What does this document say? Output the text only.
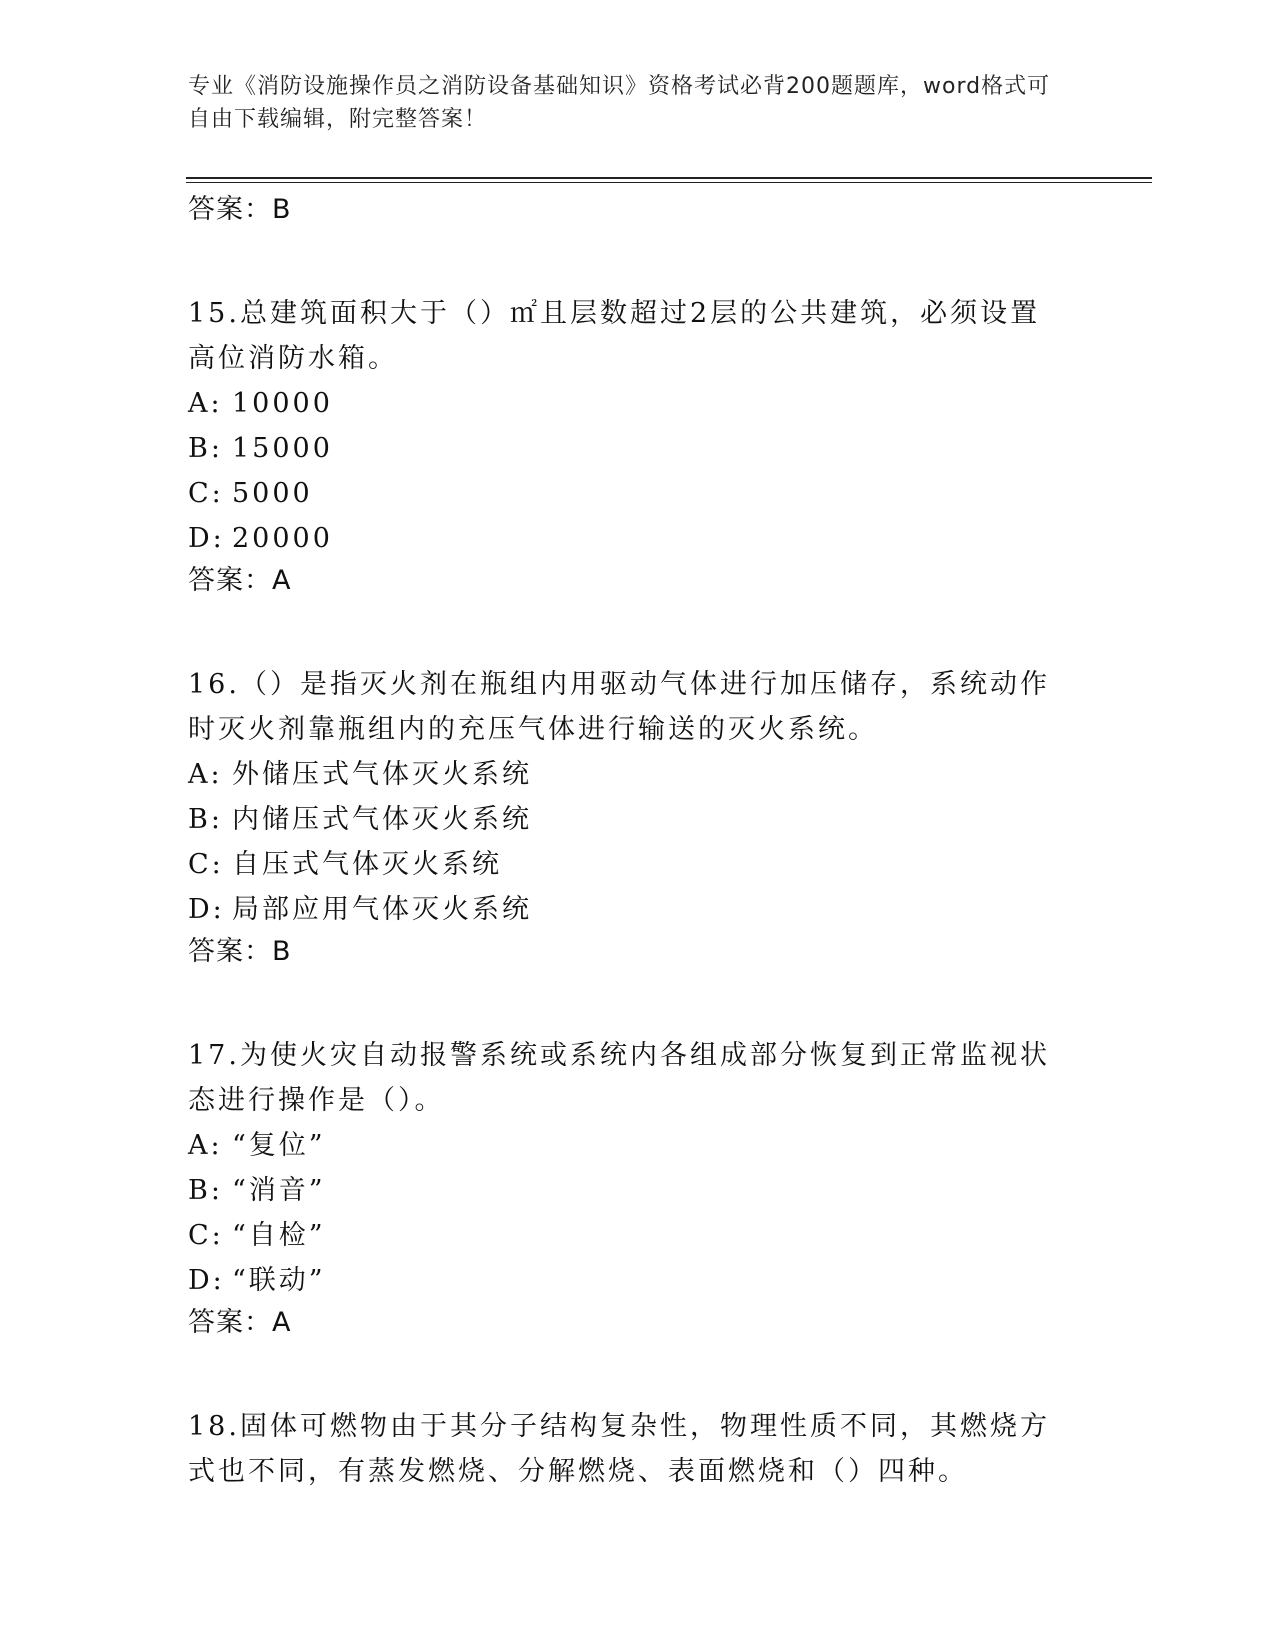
专业《消防设施操作员之消防设备基础知识》资格考试必背200题题库，word格式可自由下载编辑，附完整答案！
答案：B

15.总建筑面积大于（）㎡且层数超过2层的公共建筑，必须设置高位消防水箱。

A: 10000
B: 15000
C: 5000
D: 20000
答案：A

16.（）是指灭火剂在瓶组内用驱动气体进行加压储存，系统动作时灭火剂靠瓶组内的充压气体进行输送的灭火系统。

A: 外储压式气体灭火系统
B: 内储压式气体灭火系统
C: 自压式气体灭火系统
D: 局部应用气体灭火系统
答案：B

17.为使火灾自动报警系统或系统内各组成部分恢复到正常监视状态进行操作是（）。

A: “复位”
B: “消音”
C: “自检”
D: “联动”
答案：A

18.固体可燃物由于其分子结构复杂性，物理性质不同，其燃烧方式也不同，有蒸发燃烧、分解燃烧、表面燃烧和（）四种。
